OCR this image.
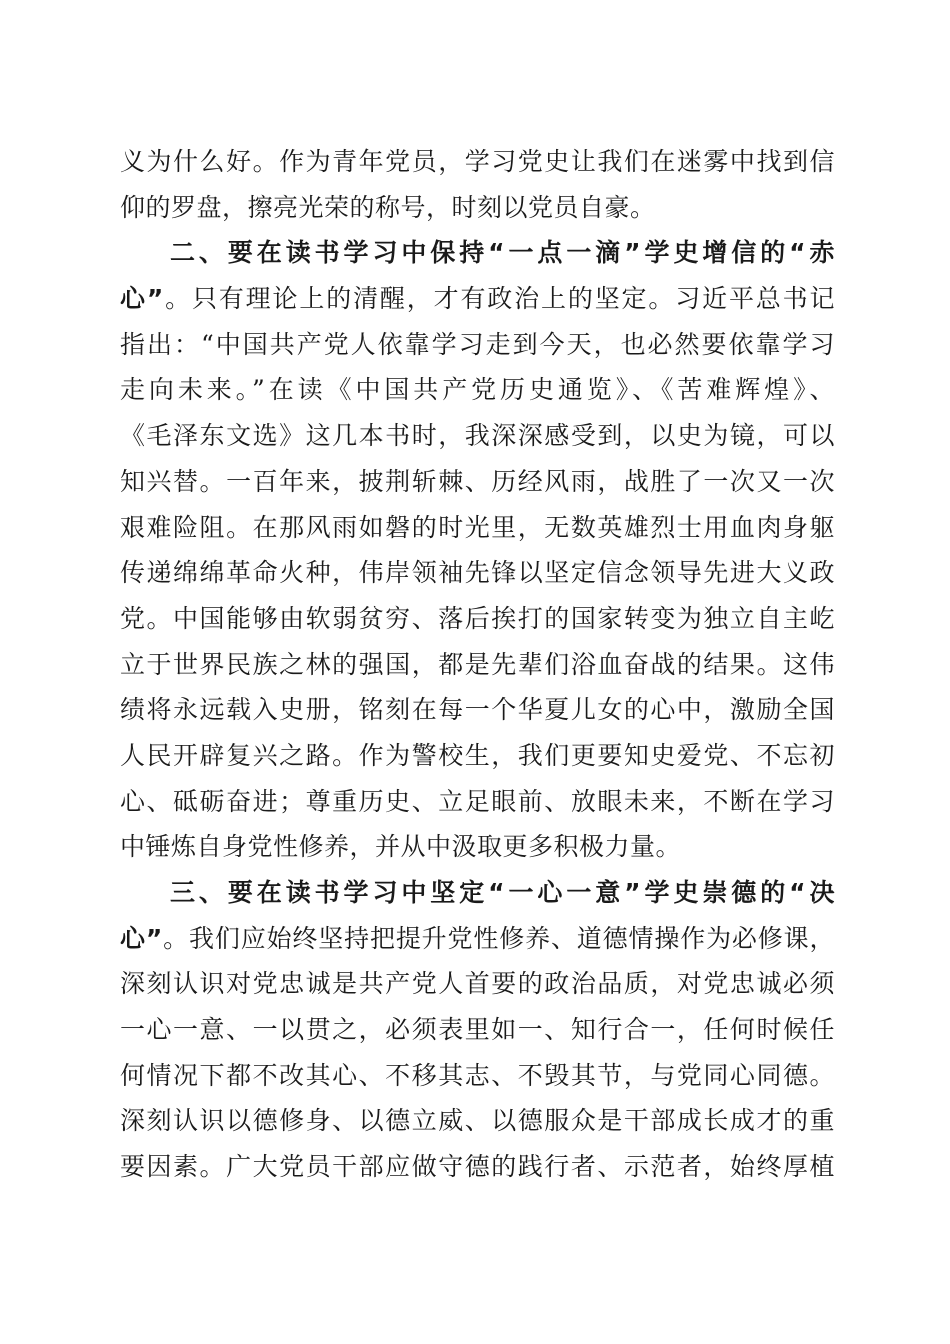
义为什么好。作为青年党员，学习党史让我们在迷雾中找到信
仰的罗盘，擦亮光荣的称号，时刻以党员自豪。
二、要在读书学习中保持“一点一滴”学史增信的“赤
心”。只有理论上的清醒，才有政治上的坚定。习近平总书记
指出：“中国共产党人依靠学习走到今天，也必然要依靠学习
走向未来。”在读《中国共产党历史通览》、《苦难辉煌》、
《毛泽东文选》这几本书时，我深深感受到，以史为镜，可以
知兴替。一百年来，披荆斩棘、历经风雨，战胜了一次又一次
艰难险阻。在那风雨如磐的时光里，无数英雄烈士用血肉身躯
传递绵绵革命火种，伟岸领袖先锋以坚定信念领导先进大义政
党。中国能够由软弱贫穷、落后挨打的国家转变为独立自主屹
立于世界民族之林的强国，都是先辈们浴血奋战的结果。这伟
绩将永远载入史册，铭刻在每一个华夏儿女的心中，激励全国
人民开辟复兴之路。作为警校生，我们更要知史爱党、不忘初
心、砥砺奋进；尊重历史、立足眼前、放眼未来，不断在学习
中锤炼自身党性修养，并从中汲取更多积极力量。
三、要在读书学习中坚定“一心一意”学史崇德的“决
心”。我们应始终坚持把提升党性修养、道德情操作为必修课，
深刻认识对党忠诚是共产党人首要的政治品质，对党忠诚必须
一心一意、一以贯之，必须表里如一、知行合一，任何时候任
何情况下都不改其心、不移其志、不毁其节，与党同心同德。
深刻认识以德修身、以德立威、以德服众是干部成长成才的重
要因素。广大党员干部应做守德的践行者、示范者，始终厚植
